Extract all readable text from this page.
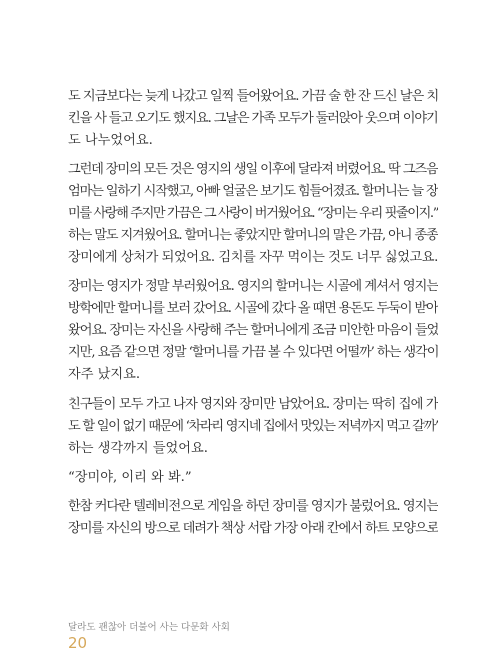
도 지금보다는 늦게 나갔고 일찍 들어왔어요. 가끔 술 한 잔 드신 날은 치
킨을 사 들고 오기도 했지요. 그날은 가족 모두가 둘러앉아 웃으며 이야기
도 나누었어요.
그런데 장미의 모든 것은 영지의 생일 이후에 달라져 버렸어요. 딱 그즈음
엄마는 일하기 시작했고, 아빠 얼굴은 보기도 힘들어졌죠. 할머니는 늘 장
미를 사랑해 주지만 가끔은 그 사랑이 버거웠어요. “장미는 우리 핏줄이지.”
하는 말도 지겨웠어요. 할머니는 좋았지만 할머니의 말은 가끔, 아니 종종
장미에게 상처가 되었어요. 김치를 자꾸 먹이는 것도 너무 싫었고요.
장미는 영지가 정말 부러웠어요. 영지의 할머니는 시골에 계셔서 영지는
방학에만 할머니를 보러 갔어요. 시골에 갔다 올 때면 용돈도 두둑이 받아
왔어요. 장미는 자신을 사랑해 주는 할머니에게 조금 미안한 마음이 들었
지만, 요즘 같으면 정말 ‘할머니를 가끔 볼 수 있다면 어떨까’ 하는 생각이
자주 났지요.
친구들이 모두 가고 나자 영지와 장미만 남았어요. 장미는 딱히 집에 가
도 할 일이 없기 때문에 ‘차라리 영지네 집에서 맛있는 저녁까지 먹고 갈까’
하는 생각까지 들었어요.
“장미야, 이리 와 봐.”
한참 커다란 텔레비전으로 게임을 하던 장미를 영지가 불렀어요. 영지는
장미를 자신의 방으로 데려가 책상 서랍 가장 아래 칸에서 하트 모양으로
달라도 괜찮아 더불어 사는 다문화 사회
20
